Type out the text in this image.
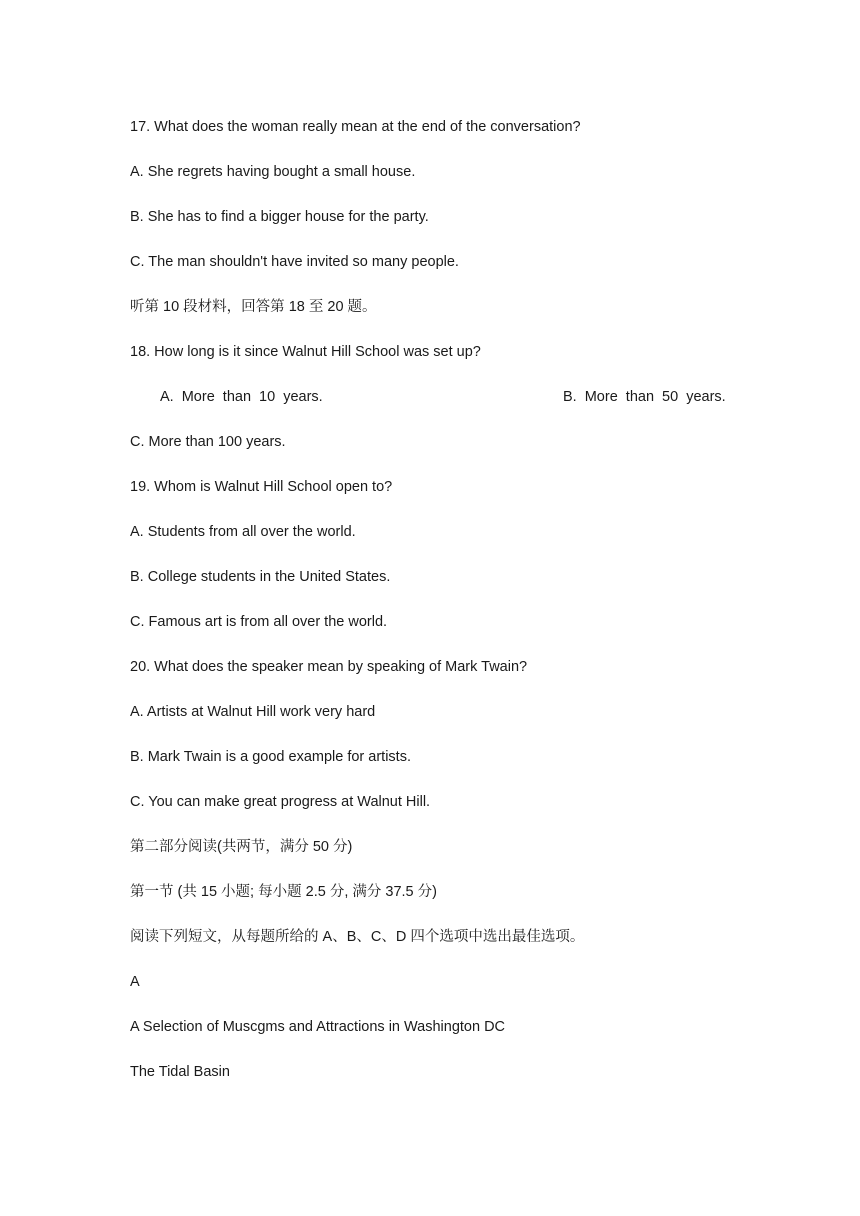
17. What does the woman really mean at the end of the conversation?
A. She regrets having bought a small house.
B. She has to find a bigger house for the party.
C. The man shouldn't have invited so many people.
听第 10 段材料，回答第 18 至 20 题。
18. How long is it since Walnut Hill School was set up?
A. More than 10 years.	B. More than 50 years.
C. More than 100 years.
19. Whom is Walnut Hill School open to?
A. Students from all over the world.
B. College students in the United States.
C. Famous art is from all over the world.
20. What does the speaker mean by speaking of Mark Twain?
A. Artists at Walnut Hill work very hard
B. Mark Twain is a good example for artists.
C. You can make great progress at Walnut Hill.
第二部分阅读(共两节，满分 50 分)
第一节 (共 15 小题; 每小题 2.5 分, 满分 37.5 分)
阅读下列短文，从每题所给的 A、B、C、D 四个选项中选出最佳选项。
A
A Selection of Muscgms and Attractions in Washington DC
The Tidal Basin
